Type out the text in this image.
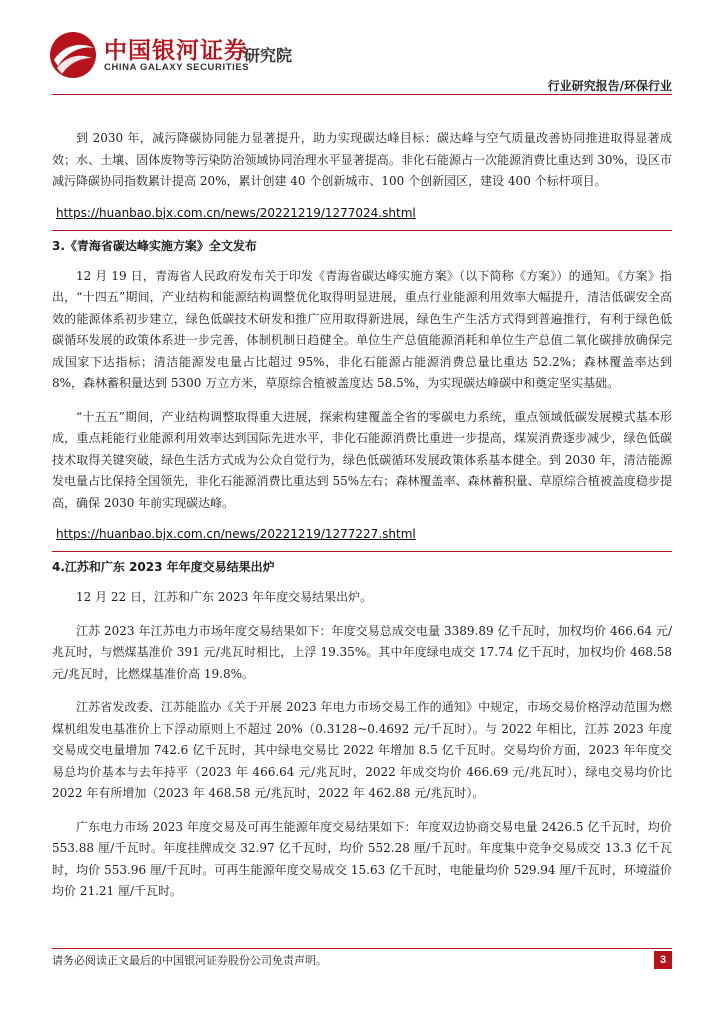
中国银河证券
研究院
CHINA GALAXY SECURITIES
行业研究报告/环保行业

到 2030 年，减污降碳协同能力显著提升，助力实现碳达峰目标：碳达峰与空气质量改善协同推进取得显著成效；水、土壤、固体废物等污染防治领域协同治理水平显著提高。非化石能源占一次能源消费比重达到 30%，设区市减污降碳协同指数累计提高 20%，累计创建 40 个创新城市、100 个创新园区，建设 400 个标杆项目。

https://huanbao.bjx.com.cn/news/20221219/1277024.shtml
3.《青海省碳达峰实施方案》全文发布

12 月 19 日，青海省人民政府发布关于印发《青海省碳达峰实施方案》（以下简称《方案》）的通知。《方案》指出，“十四五”期间，产业结构和能源结构调整优化取得明显进展，重点行业能源利用效率大幅提升，清洁低碳安全高效的能源体系初步建立，绿色低碳技术研发和推广应用取得新进展，绿色生产生活方式得到普遍推行，有利于绿色低碳循环发展的政策体系进一步完善，体制机制日趋健全。单位生产总值能源消耗和单位生产总值二氧化碳排放确保完成国家下达指标；清洁能源发电量占比超过 95%，非化石能源占能源消费总量比重达 52.2%；森林覆盖率达到 8%，森林蓄积量达到 5300 万立方米，草原综合植被盖度达 58.5%，为实现碳达峰碳中和奠定坚实基础。

“十五五”期间，产业结构调整取得重大进展，探索构建覆盖全省的零碳电力系统，重点领域低碳发展模式基本形成，重点耗能行业能源利用效率达到国际先进水平，非化石能源消费比重进一步提高，煤炭消费逐步减少，绿色低碳技术取得关键突破，绿色生活方式成为公众自觉行为，绿色低碳循环发展政策体系基本健全。到 2030 年，清洁能源发电量占比保持全国领先，非化石能源消费比重达到 55%左右；森林覆盖率、森林蓄积量、草原综合植被盖度稳步提高，确保 2030 年前实现碳达峰。

https://huanbao.bjx.com.cn/news/20221219/1277227.shtml
4.江苏和广东 2023 年年度交易结果出炉

12 月 22 日，江苏和广东 2023 年年度交易结果出炉。

江苏 2023 年江苏电力市场年度交易结果如下：年度交易总成交电量 3389.89 亿千瓦时，加权均价 466.64 元/兆瓦时，与燃煤基准价 391 元/兆瓦时相比，上浮 19.35%。其中年度绿电成交 17.74 亿千瓦时，加权均价 468.58 元/兆瓦时，比燃煤基准价高 19.8%。

江苏省发改委、江苏能监办《关于开展 2023 年电力市场交易工作的通知》中规定，市场交易价格浮动范围为燃煤机组发电基准价上下浮动原则上不超过 20%（0.3128~0.4692 元/千瓦时）。与 2022 年相比，江苏 2023 年度交易成交电量增加 742.6 亿千瓦时，其中绿电交易比 2022 年增加 8.5 亿千瓦时。交易均价方面，2023 年年度交易总均价基本与去年持平（2023 年 466.64 元/兆瓦时，2022 年成交均价 466.69 元/兆瓦时），绿电交易均价比 2022 年有所增加（2023 年 468.58 元/兆瓦时，2022 年 462.88 元/兆瓦时）。

广东电力市场 2023 年度交易及可再生能源年度交易结果如下：年度双边协商交易电量 2426.5 亿千瓦时，均价 553.88 厘/千瓦时。年度挂牌成交 32.97 亿千瓦时，均价 552.28 厘/千瓦时。年度集中竞争交易成交 13.3 亿千瓦时，均价 553.96 厘/千瓦时。可再生能源年度交易成交 15.63 亿千瓦时，电能量均价 529.94 厘/千瓦时，环境溢价均价 21.21 厘/千瓦时。

请务必阅读正文最后的中国银河证券股份公司免责声明。	3
